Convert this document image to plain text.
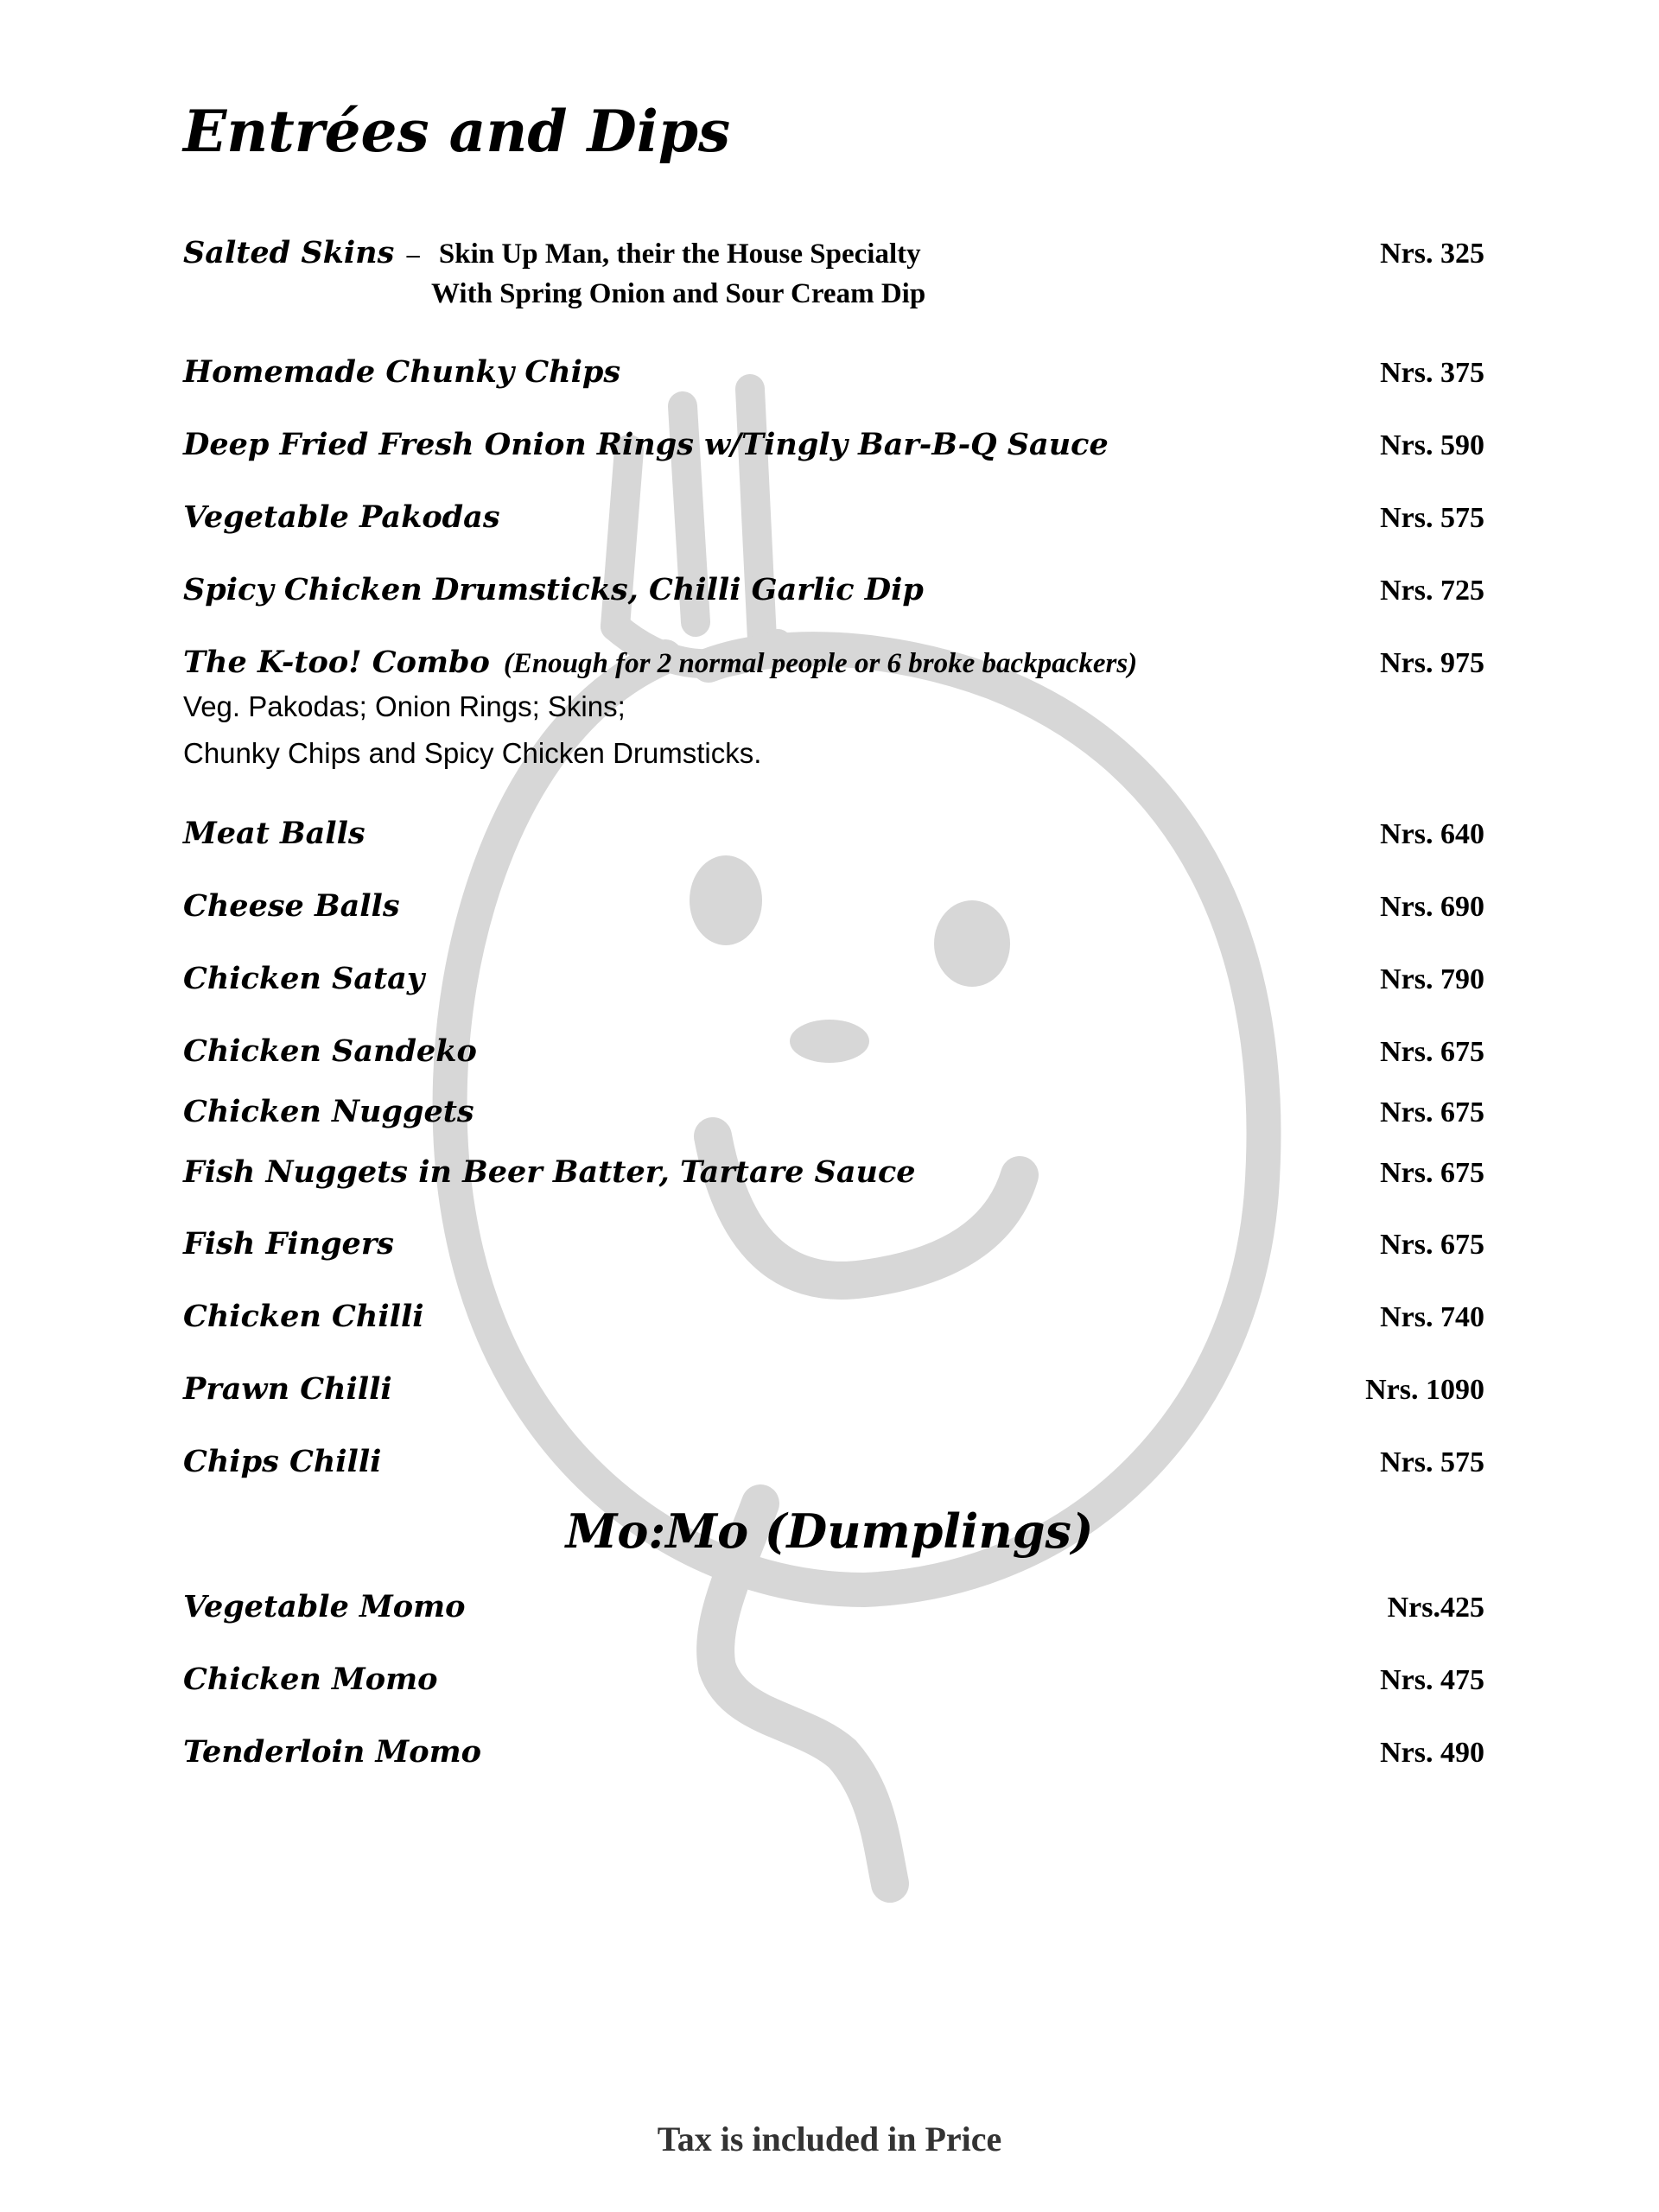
Entrées and Dips
Salted Skins – Skin Up Man, their the House Specialty	Nrs. 325
With Spring Onion and Sour Cream Dip
Homemade Chunky Chips	Nrs. 375
Deep Fried Fresh Onion Rings w/Tingly Bar-B-Q Sauce	Nrs. 590
Vegetable Pakodas	Nrs. 575
Spicy Chicken Drumsticks, Chilli Garlic Dip	Nrs. 725
The K-too! Combo (Enough for 2 normal people or 6 broke backpackers)	Nrs. 975
Veg. Pakodas; Onion Rings; Skins;
Chunky Chips and Spicy Chicken Drumsticks.
Meat Balls	Nrs. 640
Cheese Balls	Nrs. 690
Chicken Satay	Nrs. 790
Chicken Sandeko	Nrs. 675
Chicken Nuggets	Nrs. 675
Fish Nuggets in Beer Batter, Tartare Sauce	Nrs. 675
Fish Fingers	Nrs. 675
Chicken Chilli	Nrs. 740
Prawn Chilli	Nrs. 1090
Chips Chilli	Nrs. 575
Mo:Mo (Dumplings)
Vegetable Momo	Nrs.425
Chicken Momo	Nrs. 475
Tenderloin Momo	Nrs. 490
Tax is included in Price
